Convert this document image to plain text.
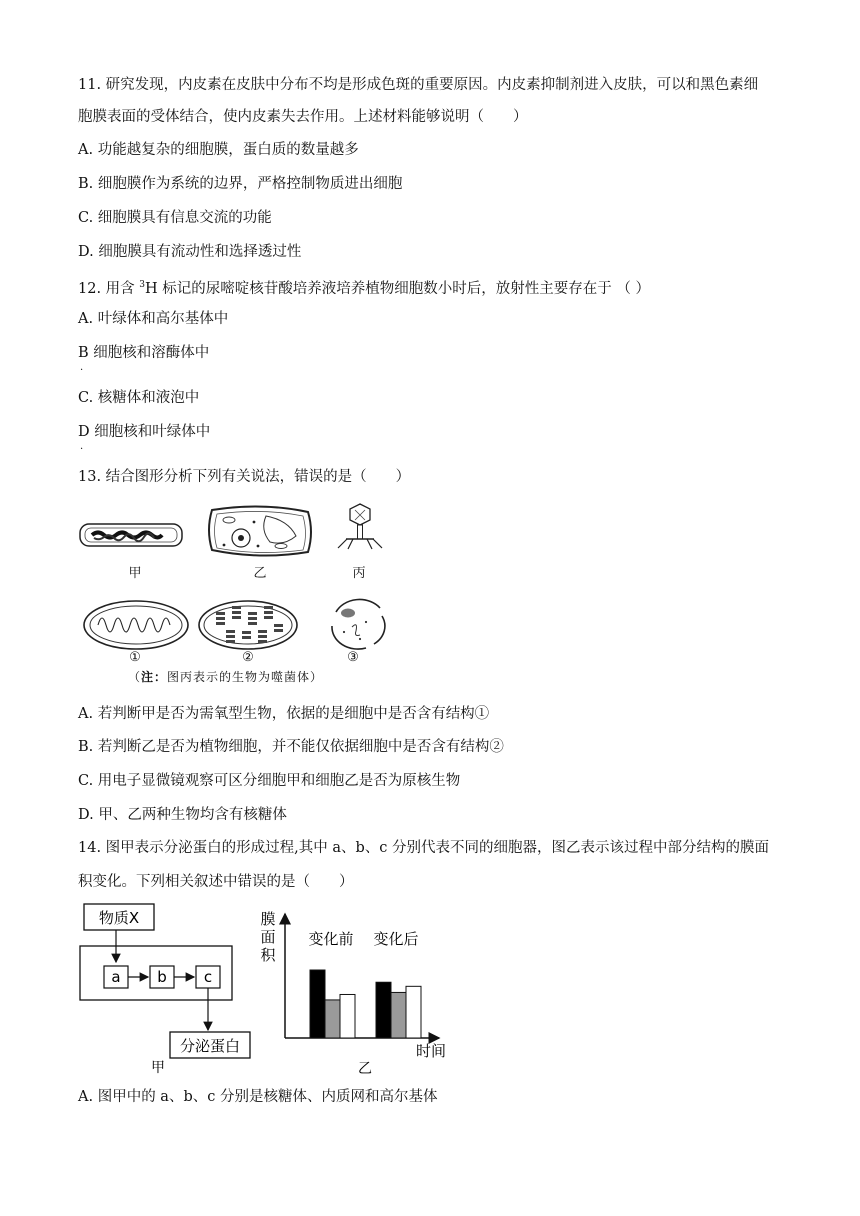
11. 研究发现，内皮素在皮肤中分布不均是形成色斑的重要原因。内皮素抑制剂进入皮肤，可以和黑色素细
胞膜表面的受体结合，使内皮素失去作用。上述材料能够说明（　　）
A. 功能越复杂的细胞膜，蛋白质的数量越多
B. 细胞膜作为系统的边界，严格控制物质进出细胞
C. 细胞膜具有信息交流的功能
D. 细胞膜具有流动性和选择透过性
12. 用含 $^3$H 标记的尿嘧啶核苷酸培养液培养植物细胞数小时后，放射性主要存在于 （ ）
A. 叶绿体和高尔基体中
B 细胞核和溶酶体中
.
C. 核糖体和液泡中
D 细胞核和叶绿体中
.
13. 结合图形分析下列有关说法，错误的是（　　）
甲	乙	丙
①	②	③
（注：图丙表示的生物为噬菌体）
A. 若判断甲是否为需氧型生物，依据的是细胞中是否含有结构①
B. 若判断乙是否为植物细胞，并不能仅依据细胞中是否含有结构②
C. 用电子显微镜观察可区分细胞甲和细胞乙是否为原核生物
D. 甲、乙两种生物均含有核糖体
14. 图甲表示分泌蛋白的形成过程,其中 a、b、c 分别代表不同的细胞器，图乙表示该过程中部分结构的膜面
积变化。下列相关叙述中错误的是（　　）
物质X
a b c
分泌蛋白
甲
膜
面
积
变化前 变化后
时间
乙
A. 图甲中的 a、b、c 分别是核糖体、内质网和高尔基体
